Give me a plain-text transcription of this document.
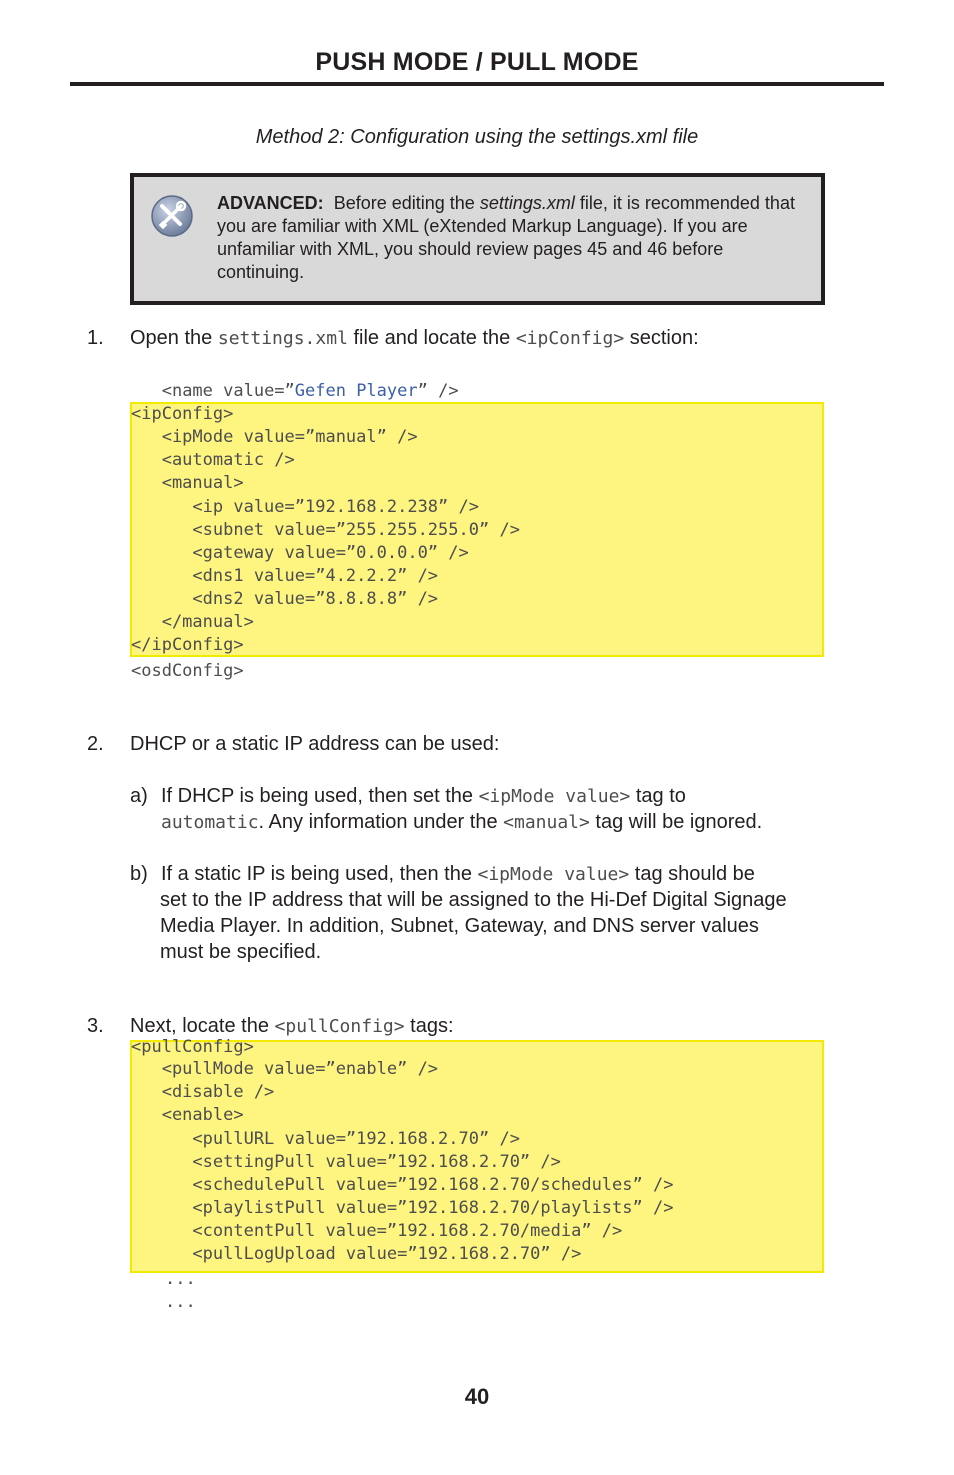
PUSH MODE / PULL MODE
Method 2: Configuration using the settings.xml file
ADVANCED: Before editing the settings.xml file, it is recommended that you are familiar with XML (eXtended Markup Language). If you are unfamiliar with XML, you should review pages 45 and 46 before continuing.
1. Open the settings.xml file and locate the <ipConfig> section:
<name value=”Gefen Player” />
<ipConfig>
<ipMode value=”manual” />
<automatic />
<manual>
<ip value=”192.168.2.238” />
<subnet value=”255.255.255.0” />
<gateway value=”0.0.0.0” />
<dns1 value=”4.2.2.2” />
<dns2 value=”8.8.8.8” />
</manual>
</ipConfig>
<osdConfig>
2. DHCP or a static IP address can be used:
a) If DHCP is being used, then set the <ipMode value> tag to
automatic. Any information under the <manual> tag will be ignored.
b) If a static IP is being used, then the <ipMode value> tag should be
set to the IP address that will be assigned to the Hi-Def Digital Signage
Media Player. In addition, Subnet, Gateway, and DNS server values
must be specified.
3. Next, locate the <pullConfig> tags:
<pullConfig>
<pullMode value=”enable” />
<disable />
<enable>
<pullURL value=”192.168.2.70” />
<settingPull value=”192.168.2.70” />
<schedulePull value=”192.168.2.70/schedules” />
<playlistPull value=”192.168.2.70/playlists” />
<contentPull value=”192.168.2.70/media” />
<pullLogUpload value=”192.168.2.70” />
...
...
40
